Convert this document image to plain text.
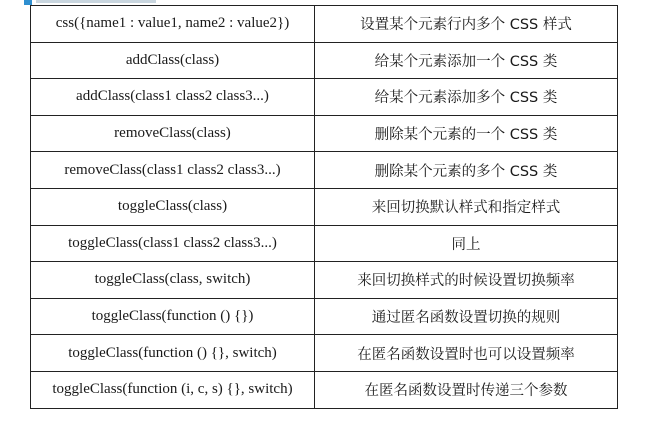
css({name1 : value1, name2 : value2})	设置某个元素行内多个 CSS 样式
addClass(class)	给某个元素添加一个 CSS 类
addClass(class1 class2 class3...)	给某个元素添加多个 CSS 类
removeClass(class)	删除某个元素的一个 CSS 类
removeClass(class1 class2 class3...)	删除某个元素的多个 CSS 类
toggleClass(class)	来回切换默认样式和指定样式
toggleClass(class1 class2 class3...)	同上
toggleClass(class, switch)	来回切换样式的时候设置切换频率
toggleClass(function () {})	通过匿名函数设置切换的规则
toggleClass(function () {}, switch)	在匿名函数设置时也可以设置频率
toggleClass(function (i, c, s) {}, switch)	在匿名函数设置时传递三个参数
